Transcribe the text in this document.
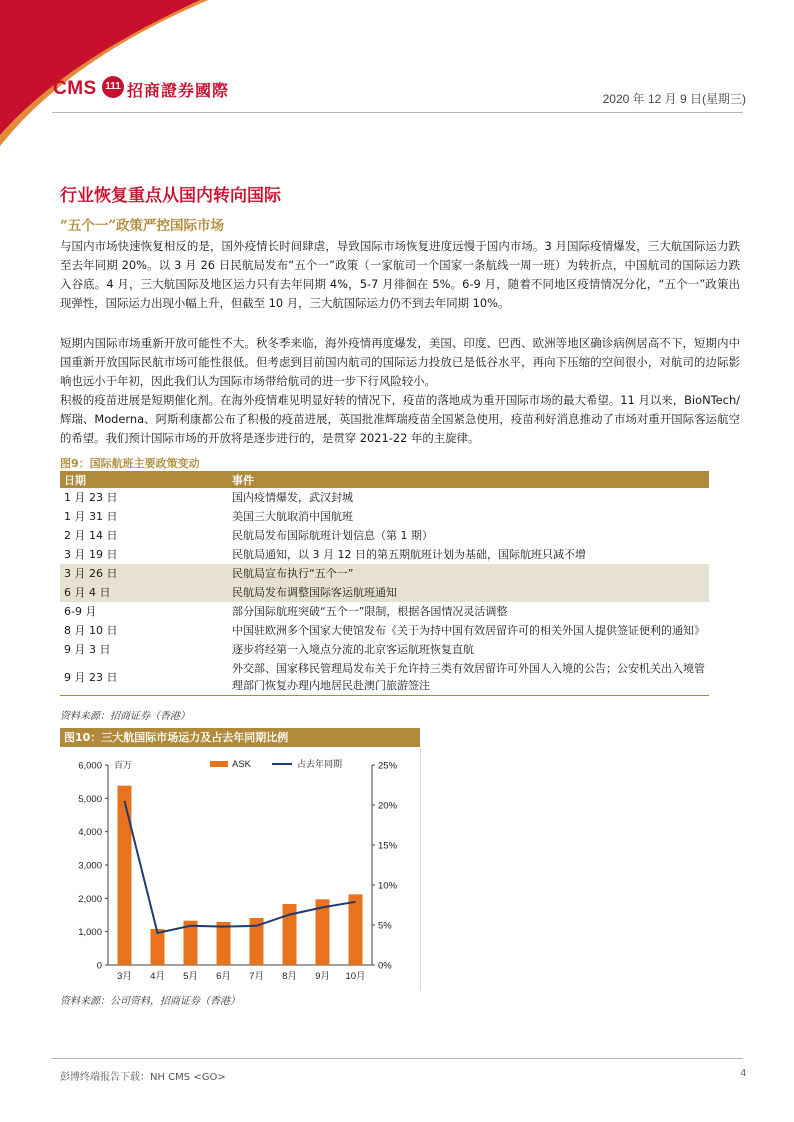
CMS 111 招商證券國際	2020 年 12 月 9 日(星期三)
行业恢复重点从国内转向国际
“五个一”政策严控国际市场
与国内市场快速恢复相反的是，国外疫情长时间肆虐，导致国际市场恢复进度远慢于国内市场。3 月国际疫情爆发，三大航国际运力跌至去年同期 20%。以 3 月 26 日民航局发布“五个一”政策（一家航司一个国家一条航线一周一班）为转折点，中国航司的国际运力跌入谷底。4 月，三大航国际及地区运力只有去年同期 4%，5-7 月徘徊在 5%。6-9 月，随着不同地区疫情情况分化，“五个一”政策出现弹性，国际运力出现小幅上升，但截至 10 月，三大航国际运力仍不到去年同期 10%。
短期内国际市场重新开放可能性不大。秋冬季来临，海外疫情再度爆发，美国、印度、巴西、欧洲等地区确诊病例居高不下，短期内中国重新开放国际民航市场可能性很低。但考虑到目前国内航司的国际运力投放已是低谷水平，再向下压缩的空间很小，对航司的边际影响也远小于年初，因此我们认为国际市场带给航司的进一步下行风险较小。
积极的疫苗进展是短期催化剂。在海外疫情难见明显好转的情况下，疫苗的落地成为重开国际市场的最大希望。11 月以来，BioNTech/辉瑞、Moderna、阿斯利康都公布了积极的疫苗进展，英国批准辉瑞疫苗全国紧急使用，疫苗利好消息推动了市场对重开国际客运航空的希望。我们预计国际市场的开放将是逐步进行的，是贯穿 2021-22 年的主旋律。
图9：国际航班主要政策变动
日期	事件
1 月 23 日	国内疫情爆发，武汉封城
1 月 31 日	美国三大航取消中国航班
2 月 14 日	民航局发布国际航班计划信息（第 1 期）
3 月 19 日	民航局通知，以 3 月 12 日的第五期航班计划为基础，国际航班只减不增
3 月 26 日	民航局宣布执行“五个一”
6 月 4 日	民航局发布调整国际客运航班通知
6-9 月	部分国际航班突破“五个一”限制，根据各国情况灵活调整
8 月 10 日	中国驻欧洲多个国家大使馆发布《关于为持中国有效居留许可的相关外国人提供签证便利的通知》
9 月 3 日	逐步将经第一入境点分流的北京客运航班恢复直航
9 月 23 日	外交部、国家移民管理局发布关于允许持三类有效居留许可外国人入境的公告；公安机关出入境管理部门恢复办理内地居民赴澳门旅游签注
资料来源：招商证券（香港）
图10：三大航国际市场运力及占去年同期比例
0
1,000
2,000
3,000
4,000
5,000
6,000
0%
5%
10%
15%
20%
25%
百万
3月 4月 5月 6月 7月 8月 9月 10月
ASK	占去年同期
资料来源：公司资料，招商证券（香港）
彭博终端报告下载：NH CMS <GO>	4
